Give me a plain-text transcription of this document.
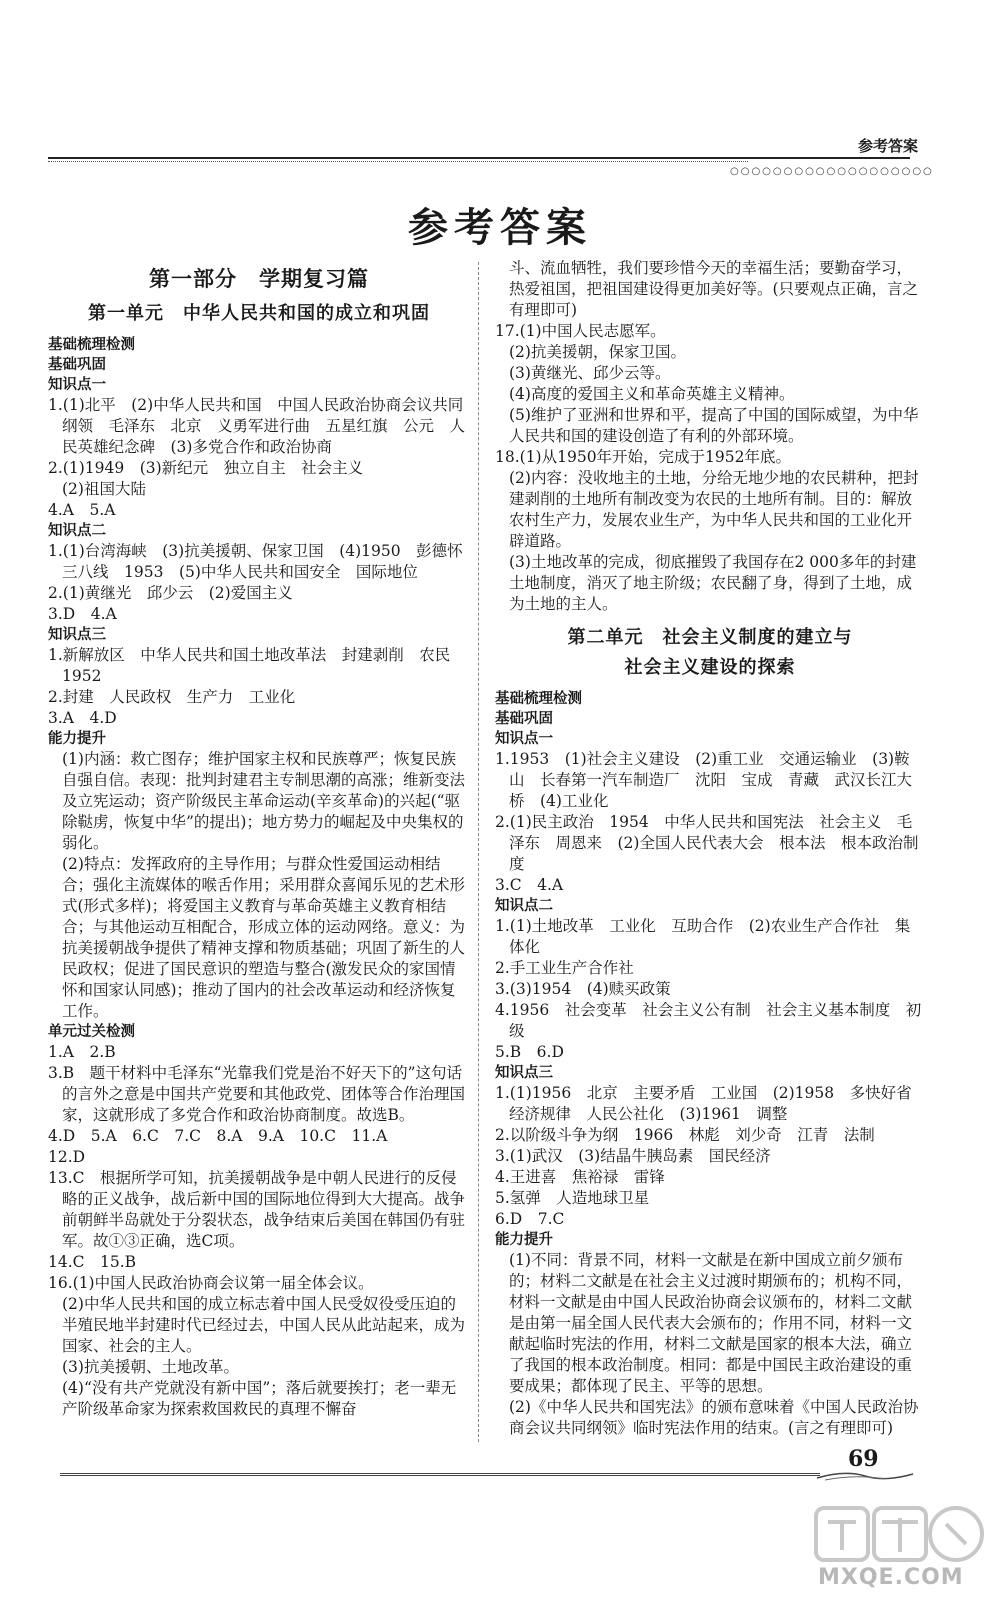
参考答案
○○○○○○○○○○○○○○○○○○○
参考答案
第一部分　学期复习篇
第一单元　中华人民共和国的成立和巩固
基础梳理检测
基础巩固
知识点一
1.(1)北平　(2)中华人民共和国　中国人民政治协商会议共同纲领　毛泽东　北京　义勇军进行曲　五星红旗　公元　人民英雄纪念碑　(3)多党合作和政治协商
2.(1)1949　(3)新纪元　独立自主　社会主义
(2)祖国大陆
4.A　5.A
知识点二
1.(1)台湾海峡　(3)抗美援朝、保家卫国　(4)1950　彭德怀　三八线　1953　(5)中华人民共和国安全　国际地位
2.(1)黄继光　邱少云　(2)爱国主义
3.D　4.A
知识点三
1.新解放区　中华人民共和国土地改革法　封建剥削　农民　1952
2.封建　人民政权　生产力　工业化
3.A　4.D
能力提升
(1)内涵：救亡图存；维护国家主权和民族尊严；恢复民族自强自信。表现：批判封建君主专制思潮的高涨；维新变法及立宪运动；资产阶级民主革命运动(辛亥革命)的兴起(“驱除鞑虏，恢复中华”的提出)；地方势力的崛起及中央集权的弱化。
(2)特点：发挥政府的主导作用；与群众性爱国运动相结合；强化主流媒体的喉舌作用；采用群众喜闻乐见的艺术形式(形式多样)；将爱国主义教育与革命英雄主义教育相结合；与其他运动互相配合，形成立体的运动网络。意义：为抗美援朝战争提供了精神支撑和物质基础；巩固了新生的人民政权；促进了国民意识的塑造与整合(激发民众的家国情怀和国家认同感)；推动了国内的社会改革运动和经济恢复工作。
单元过关检测
1.A　2.B
3.B　题干材料中毛泽东“光靠我们党是治不好天下的”这句话的言外之意是中国共产党要和其他政党、团体等合作治理国家，这就形成了多党合作和政治协商制度。故选B。
4.D　5.A　6.C　7.C　8.A　9.A　10.C　11.A
12.D
13.C　根据所学可知，抗美援朝战争是中朝人民进行的反侵略的正义战争，战后新中国的国际地位得到大大提高。战争前朝鲜半岛就处于分裂状态，战争结束后美国在韩国仍有驻军。故①③正确，选C项。
14.C　15.B
16.(1)中国人民政治协商会议第一届全体会议。
(2)中华人民共和国的成立标志着中国人民受奴役受压迫的半殖民地半封建时代已经过去，中国人民从此站起来，成为国家、社会的主人。
(3)抗美援朝、土地改革。
(4)“没有共产党就没有新中国”；落后就要挨打；老一辈无产阶级革命家为探索救国救民的真理不懈奋
斗、流血牺牲，我们要珍惜今天的幸福生活；要勤奋学习，热爱祖国，把祖国建设得更加美好等。(只要观点正确，言之有理即可)
17.(1)中国人民志愿军。
(2)抗美援朝，保家卫国。
(3)黄继光、邱少云等。
(4)高度的爱国主义和革命英雄主义精神。
(5)维护了亚洲和世界和平，提高了中国的国际威望，为中华人民共和国的建设创造了有利的外部环境。
18.(1)从1950年开始，完成于1952年底。
(2)内容：没收地主的土地，分给无地少地的农民耕种，把封建剥削的土地所有制改变为农民的土地所有制。目的：解放农村生产力，发展农业生产，为中华人民共和国的工业化开辟道路。
(3)土地改革的完成，彻底摧毁了我国存在2 000多年的封建土地制度，消灭了地主阶级；农民翻了身，得到了土地，成为土地的主人。
第二单元　社会主义制度的建立与
社会主义建设的探索
基础梳理检测
基础巩固
知识点一
1.1953　(1)社会主义建设　(2)重工业　交通运输业　(3)鞍山　长春第一汽车制造厂　沈阳　宝成　青藏　武汉长江大桥　(4)工业化
2.(1)民主政治　1954　中华人民共和国宪法　社会主义　毛泽东　周恩来　(2)全国人民代表大会　根本法　根本政治制度
3.C　4.A
知识点二
1.(1)土地改革　工业化　互助合作　(2)农业生产合作社　集体化
2.手工业生产合作社
3.(3)1954　(4)赎买政策
4.1956　社会变革　社会主义公有制　社会主义基本制度　初级
5.B　6.D
知识点三
1.(1)1956　北京　主要矛盾　工业国　(2)1958　多快好省　经济规律　人民公社化　(3)1961　调整
2.以阶级斗争为纲　1966　林彪　刘少奇　江青　法制
3.(1)武汉　(3)结晶牛胰岛素　国民经济
4.王进喜　焦裕禄　雷锋
5.氢弹　人造地球卫星
6.D　7.C
能力提升
(1)不同：背景不同，材料一文献是在新中国成立前夕颁布的；材料二文献是在社会主义过渡时期颁布的；机构不同，材料一文献是由中国人民政治协商会议颁布的，材料二文献是由第一届全国人民代表大会颁布的；作用不同，材料一文献起临时宪法的作用，材料二文献是国家的根本大法，确立了我国的根本政治制度。相同：都是中国民主政治建设的重要成果；都体现了民主、平等的思想。
(2)《中华人民共和国宪法》的颁布意味着《中国人民政治协商会议共同纲领》临时宪法作用的结束。(言之有理即可)
69
MXQE.COM
